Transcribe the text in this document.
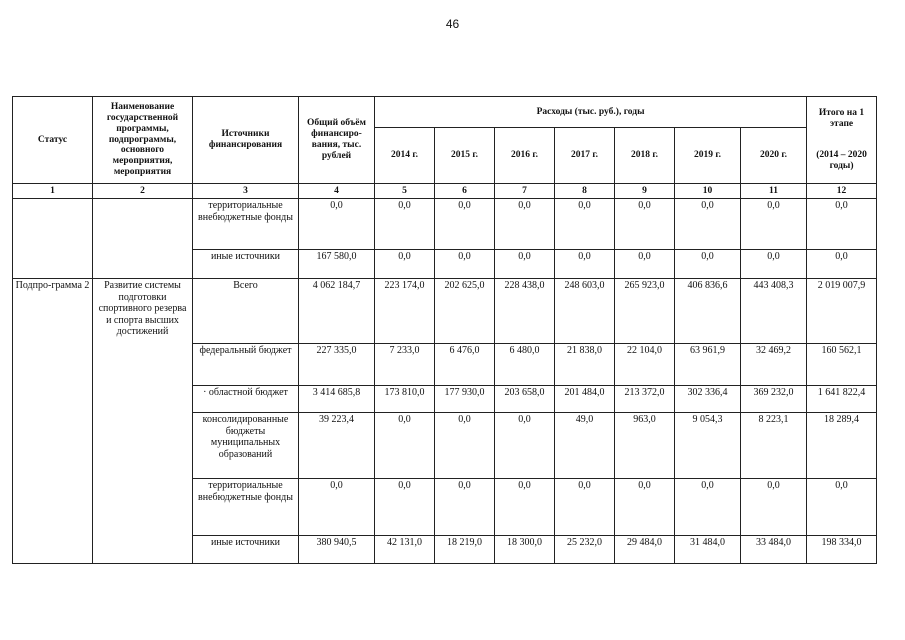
46
Статус	Наименование государственной программы, подпрограммы, основного мероприятия, мероприятия	Источники финансирования	Общий объём финансиро-вания, тыс. рублей	Расходы (тыс. руб.), годы							Итого на 1 этапе
(2014 – 2020 годы)

				2014 г.	2015 г.	2016 г.	2017 г.	2018 г.	2019 г.	2020 г.	
1	2	3	4	5	6	7	8	9	10	11	12
		территориальные внебюджетные фонды	0,0	0,0	0,0	0,0	0,0	0,0	0,0	0,0	0,0
		иные источники	167 580,0	0,0	0,0	0,0	0,0	0,0	0,0	0,0	0,0
Подпро-грамма 2	Развитие системы подготовки спортивного резерва и спорта высших достижений	Всего	4 062 184,7	223 174,0	202 625,0	228 438,0	248 603,0	265 923,0	406 836,6	443 408,3	2 019 007,9
		федеральный бюджет	227 335,0	7 233,0	6 476,0	6 480,0	21 838,0	22 104,0	63 961,9	32 469,2	160 562,1
		· областной бюджет	3 414 685,8	173 810,0	177 930,0	203 658,0	201 484,0	213 372,0	302 336,4	369 232,0	1 641 822,4
		консолидированные бюджеты муниципальных образований	39 223,4	0,0	0,0	0,0	49,0	963,0	9 054,3	8 223,1	18 289,4
		территориальные внебюджетные фонды	0,0	0,0	0,0	0,0	0,0	0,0	0,0	0,0	0,0
		иные источники	380 940,5	42 131,0	18 219,0	18 300,0	25 232,0	29 484,0	31 484,0	33 484,0	198 334,0
